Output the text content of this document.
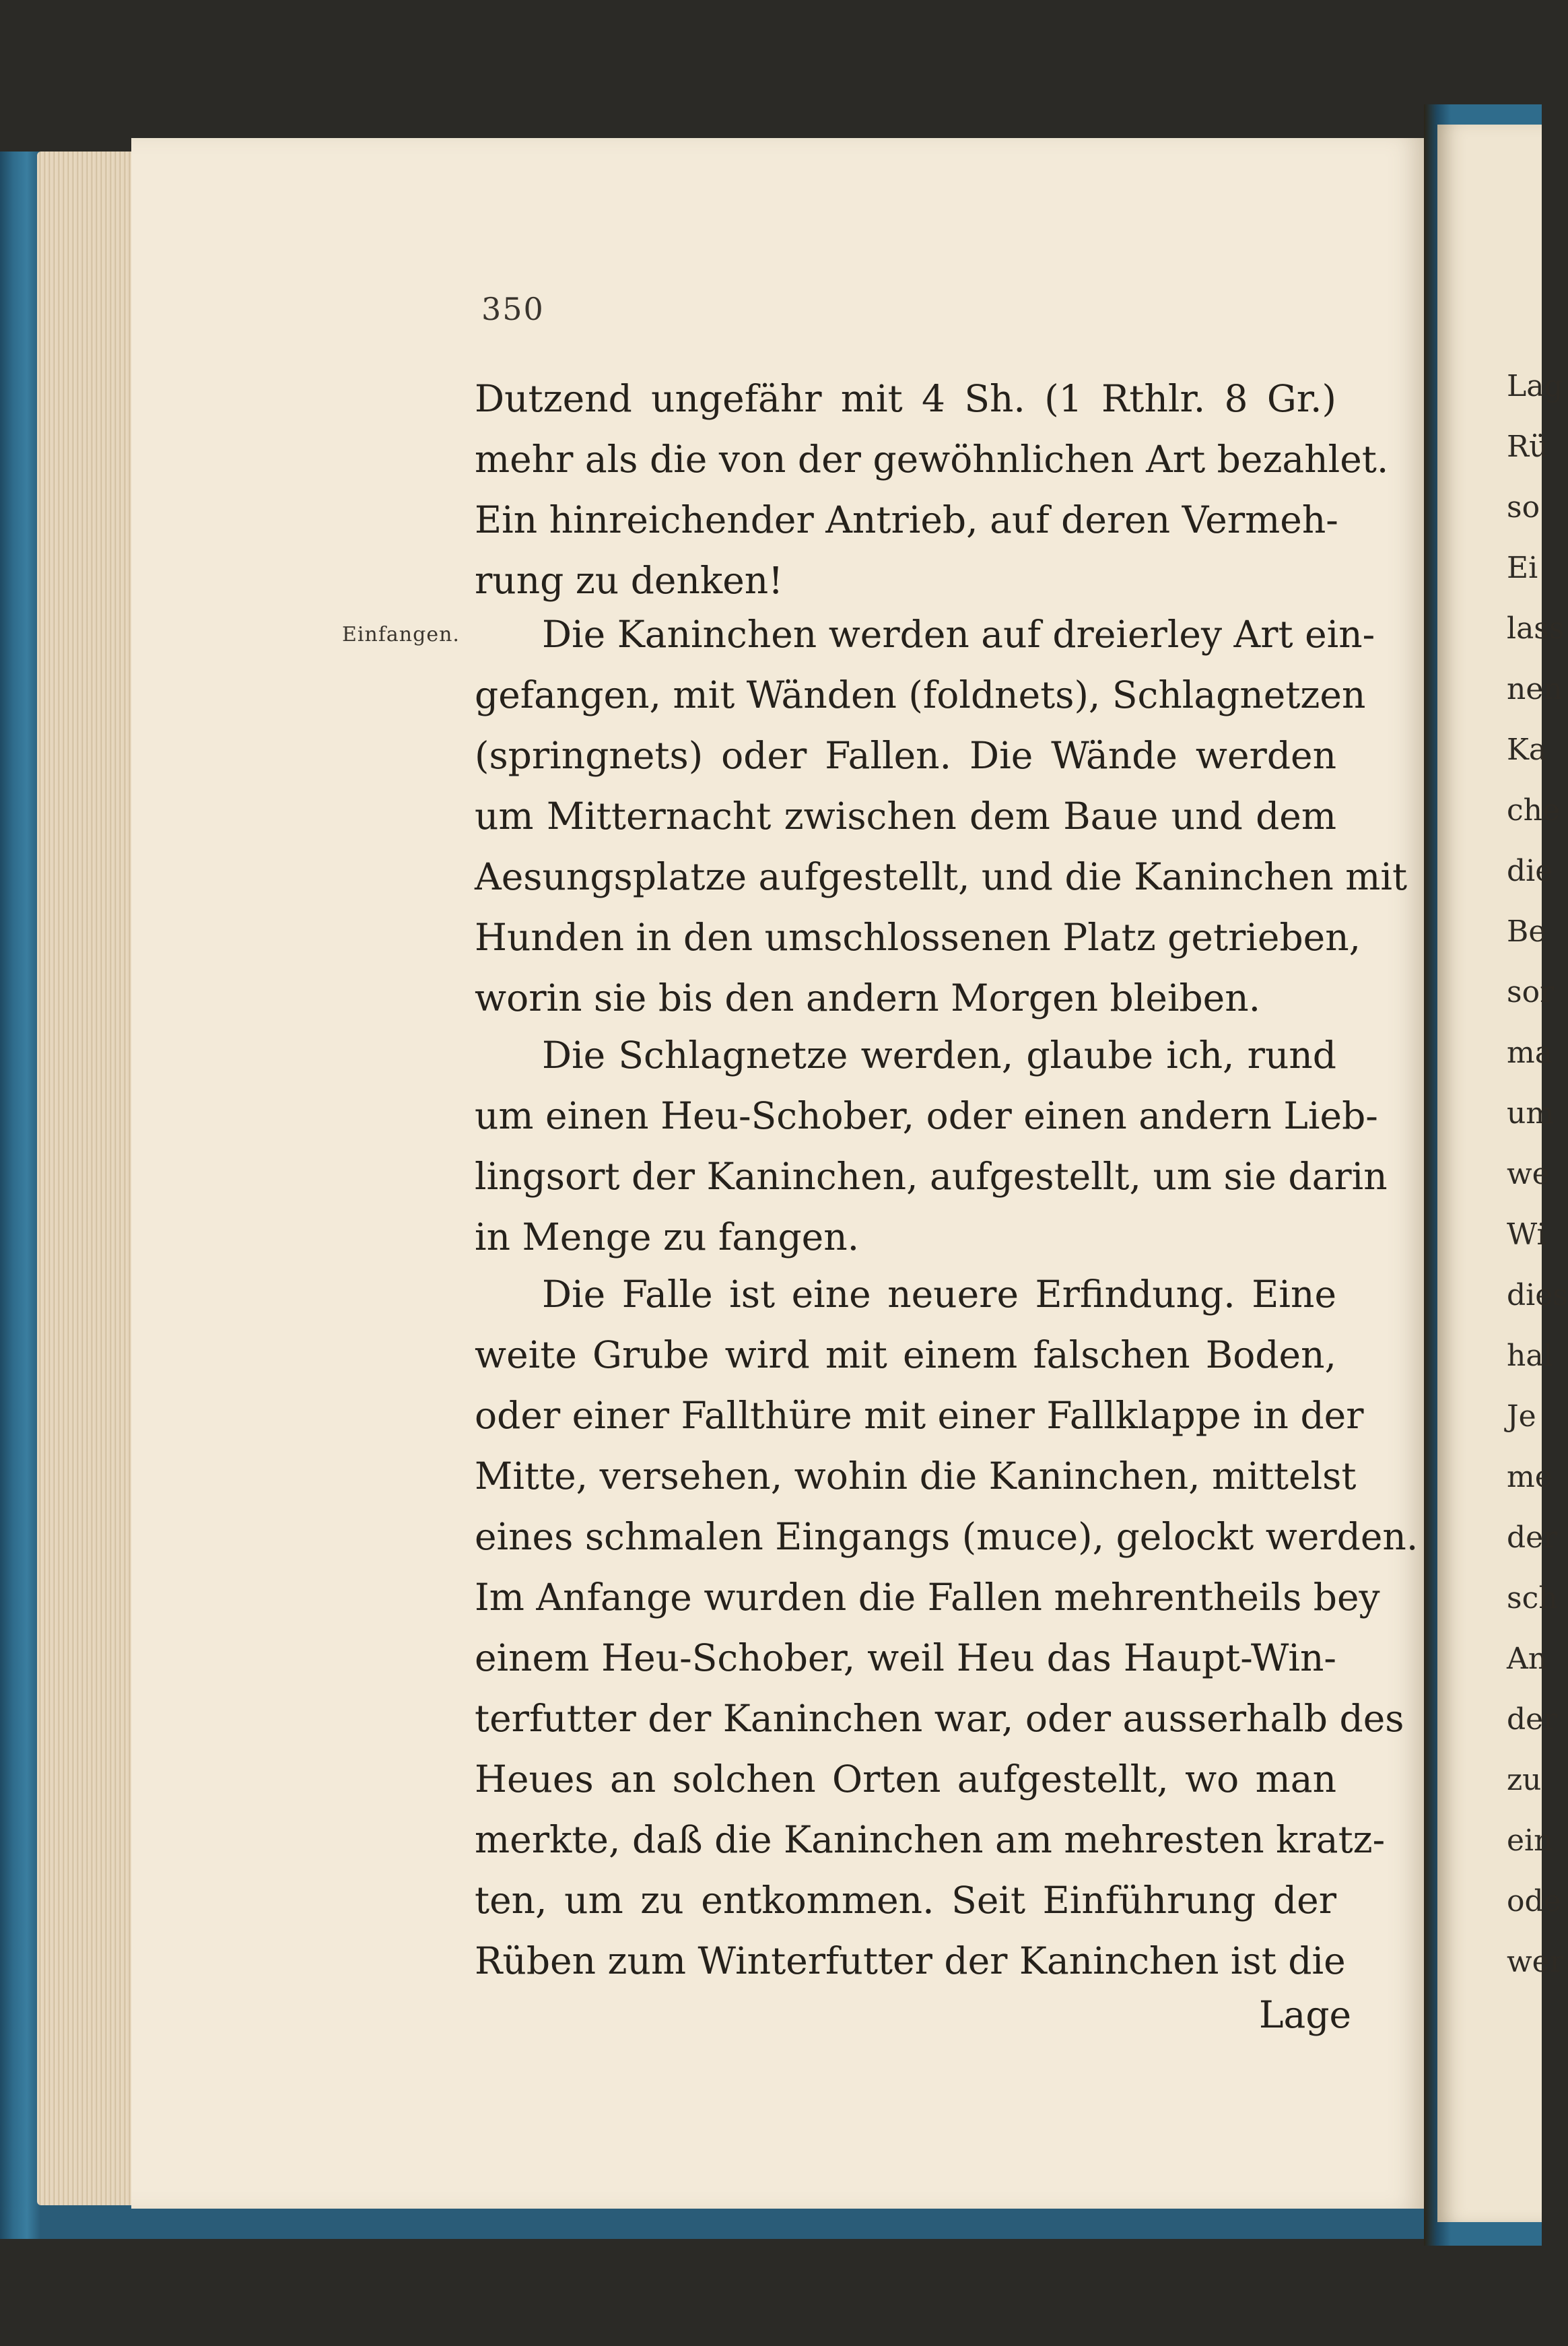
350
Einfangen.
Dutzend ungefähr mit 4 Sh. (1 Rthlr. 8 Gr.)
mehr als die von der gewöhnlichen Art bezahlet.
Ein hinreichender Antrieb, auf deren Vermeh-
rung zu denken!
Die Kaninchen werden auf dreierley Art ein-
gefangen, mit Wänden (foldnets), Schlagnetzen
(springnets) oder Fallen. Die Wände werden
um Mitternacht zwischen dem Baue und dem
Aesungsplatze aufgestellt, und die Kaninchen mit
Hunden in den umschlossenen Platz getrieben,
worin sie bis den andern Morgen bleiben.
Die Schlagnetze werden, glaube ich, rund
um einen Heu-Schober, oder einen andern Lieb-
lingsort der Kaninchen, aufgestellt, um sie darin
in Menge zu fangen.
Die Falle ist eine neuere Erfindung. Eine
weite Grube wird mit einem falschen Boden,
oder einer Fallthüre mit einer Fallklappe in der
Mitte, versehen, wohin die Kaninchen, mittelst
eines schmalen Eingangs (muce), gelockt werden.
Im Anfange wurden die Fallen mehrentheils bey
einem Heu-Schober, weil Heu das Haupt-Win-
terfutter der Kaninchen war, oder ausserhalb des
Heues an solchen Orten aufgestellt, wo man
merkte, daß die Kaninchen am mehresten kratz-
ten, um zu entkommen. Seit Einführung der
Rüben zum Winterfutter der Kaninchen ist die
Lage
Lag
Rü
so
Ei
lass
nen
Ka
che
die
Be
sor
ma
um
we
Wi
dies
hal
Je
me
der
sch
An
der
zu
ein
ode
wer
